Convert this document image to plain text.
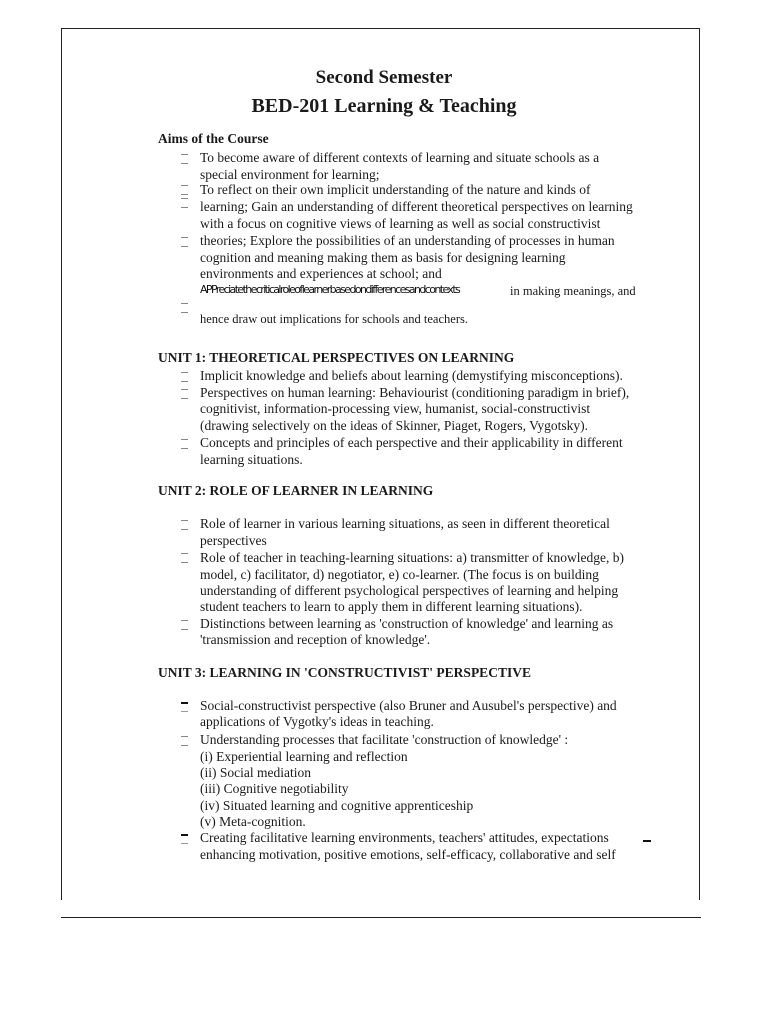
Second Semester
BED-201 Learning & Teaching
Aims of the Course
To become aware of different contexts of learning and situate schools as a
special environment for learning;
To reflect on their own implicit understanding of the nature and kinds of
learning; Gain an understanding of different theoretical perspectives on learning
with a focus on cognitive views of learning as well as social constructivist
theories; Explore the possibilities of an understanding of processes in human
cognition and meaning making them as basis for designing learning
environments and experiences at school; and
APPreciatethecriticalroleoflearnerbasedondifferencesandcontexts	in making meanings, and
hence draw out implications for schools and teachers.
UNIT 1: THEORETICAL PERSPECTIVES ON LEARNING
Implicit knowledge and beliefs about learning (demystifying misconceptions).
Perspectives on human learning: Behaviourist (conditioning paradigm in brief),
cognitivist, information-processing view, humanist, social-constructivist
(drawing selectively on the ideas of Skinner, Piaget, Rogers, Vygotsky).
Concepts and principles of each perspective and their applicability in different
learning situations.
UNIT 2: ROLE OF LEARNER IN LEARNING
Role of learner in various learning situations, as seen in different theoretical
perspectives
Role of teacher in teaching-learning situations: a) transmitter of knowledge, b)
model, c) facilitator, d) negotiator, e) co-learner. (The focus is on building
understanding of different psychological perspectives of learning and helping
student teachers to learn to apply them in different learning situations).
Distinctions between learning as 'construction of knowledge' and learning as
'transmission and reception of knowledge'.
UNIT 3: LEARNING IN 'CONSTRUCTIVIST' PERSPECTIVE
Social-constructivist perspective (also Bruner and Ausubel's perspective) and
applications of Vygotky's ideas in teaching.
Understanding processes that facilitate 'construction of knowledge' :
(i) Experiential learning and reflection
(ii) Social mediation
(iii) Cognitive negotiability
(iv) Situated learning and cognitive apprenticeship
(v) Meta-cognition.
Creating facilitative learning environments, teachers' attitudes, expectations
enhancing motivation, positive emotions, self-efficacy, collaborative and self
